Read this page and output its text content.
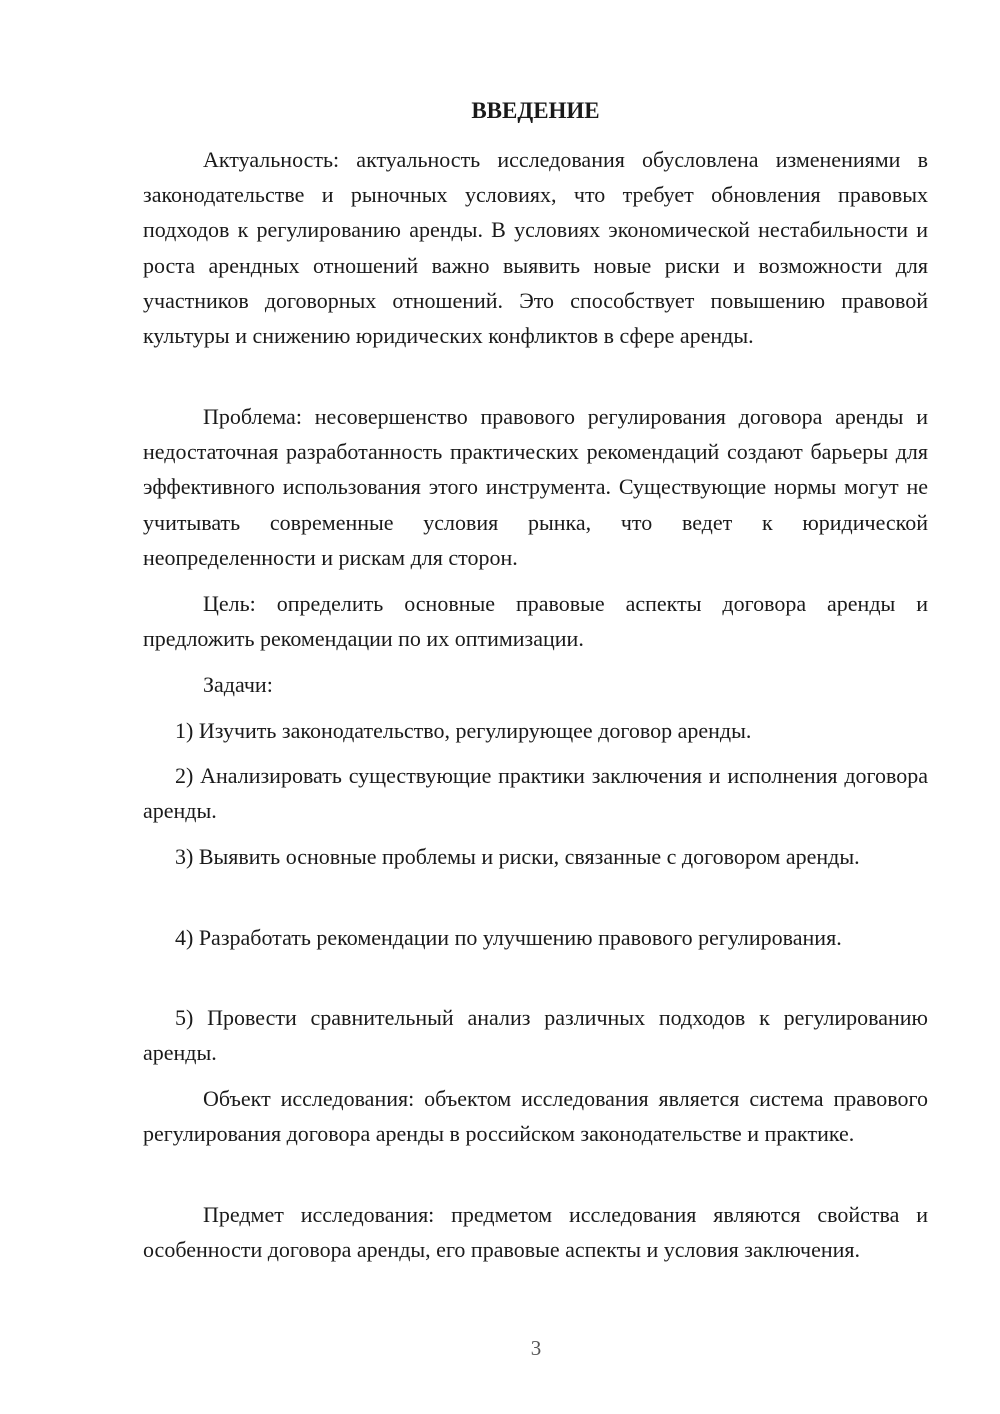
ВВЕДЕНИЕ

Актуальность: актуальность исследования обусловлена изменениями в законодательстве и рыночных условиях, что требует обновления правовых подходов к регулированию аренды. В условиях экономической нестабильности и роста арендных отношений важно выявить новые риски и возможности для участников договорных отношений. Это способствует повышению правовой культуры и снижению юридических конфликтов в сфере аренды.

Проблема: несовершенство правового регулирования договора аренды и недостаточная разработанность практических рекомендаций создают барьеры для эффективного использования этого инструмента. Существующие нормы могут не учитывать современные условия рынка, что ведет к юридической неопределенности и рискам для сторон.

Цель: определить основные правовые аспекты договора аренды и предложить рекомендации по их оптимизации.

Задачи:

1) Изучить законодательство, регулирующее договор аренды.

2) Анализировать существующие практики заключения и исполнения договора аренды.

3) Выявить основные проблемы и риски, связанные с договором аренды.

4) Разработать рекомендации по улучшению правового регулирования.

5) Провести сравнительный анализ различных подходов к регулированию аренды.

Объект исследования: объектом исследования является система правового регулирования договора аренды в российском законодательстве и практике.

Предмет исследования: предметом исследования являются свойства и особенности договора аренды, его правовые аспекты и условия заключения.

3
